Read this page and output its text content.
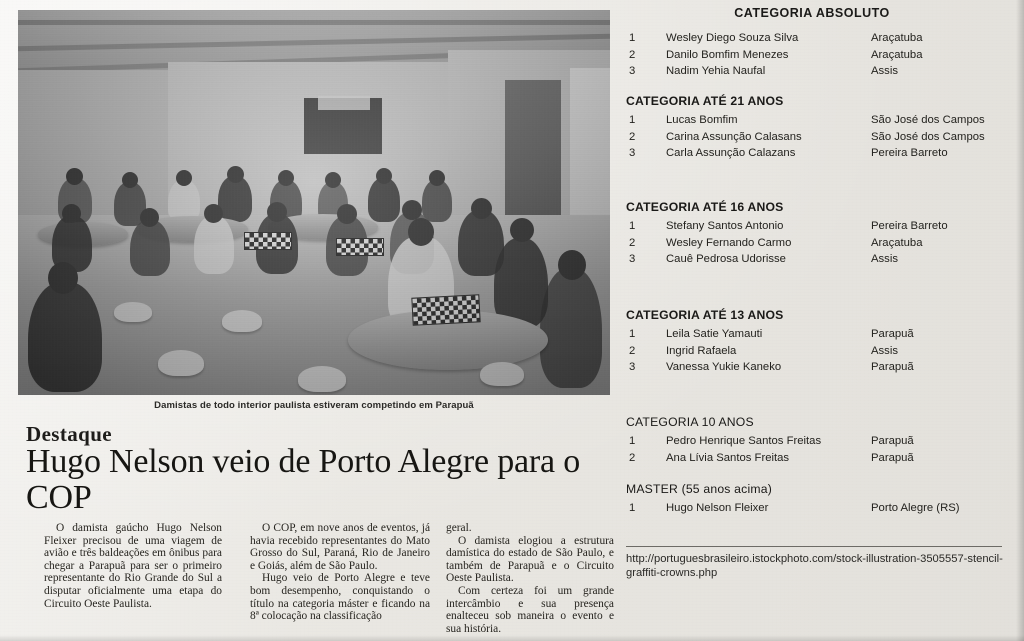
Damistas de todo interior paulista estiveram competindo em Parapuã
Destaque
Hugo Nelson veio de Porto Alegre para o COP

O damista gaúcho Hugo Nelson Fleixer precisou de uma viagem de avião e três baldeações em ônibus para chegar a Parapuã para ser o primeiro representante do Rio Grande do Sul a disputar oficialmente uma etapa do Circuito Oeste Paulista.

O COP, em nove anos de eventos, já havia recebido representantes do Mato Grosso do Sul, Paraná, Rio de Janeiro e Goiás, além de São Paulo.

Hugo veio de Porto Alegre e teve bom desempenho, conquistando o título na categoria máster e ficando na 8ª colocação na classificação

geral.

O damista elogiou a estrutura damística do estado de São Paulo, e também de Parapuã e o Circuito Oeste Paulista.

Com certeza foi um grande intercâmbio e sua presença enalteceu sob maneira o evento e sua história.

CATEGORIA ABSOLUTO
1	Wesley Diego Souza Silva	Araçatuba
2	Danilo Bomfim Menezes	Araçatuba
3	Nadim Yehia Naufal	Assis
CATEGORIA ATÉ 21 ANOS
1	Lucas Bomfim	São José dos Campos
2	Carina Assunção Calasans	São José dos Campos
3	Carla Assunção Calazans	Pereira Barreto
CATEGORIA ATÉ 16 ANOS
1	Stefany Santos Antonio	Pereira Barreto
2	Wesley Fernando Carmo	Araçatuba
3	Cauê Pedrosa Udorisse	Assis
CATEGORIA ATÉ 13 ANOS
1	Leila Satie Yamauti	Parapuã
2	Ingrid Rafaela	Assis
3	Vanessa Yukie Kaneko	Parapuã
CATEGORIA 10 ANOS
1	Pedro Henrique Santos Freitas	Parapuã
2	Ana Lívia Santos Freitas	Parapuã
MASTER (55 anos acima)
1	Hugo Nelson Fleixer	Porto Alegre (RS)
http://portuguesbrasileiro.istockphoto.com/stock-illustration-3505557-stencil-graffiti-crowns.php
